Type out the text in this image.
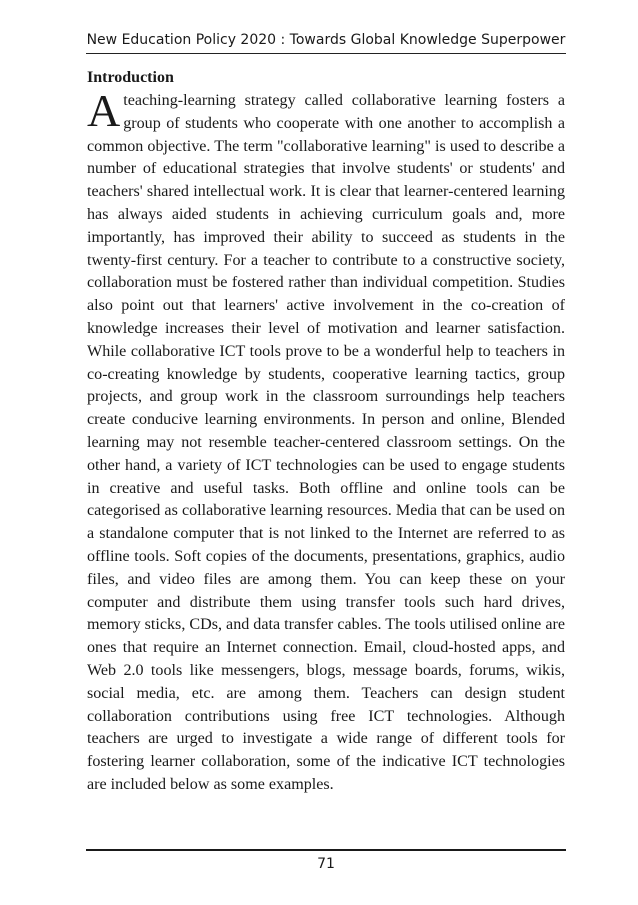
New Education Policy 2020 : Towards Global Knowledge Superpower
Introduction

Ateaching-learning strategy called collaborative learning fosters a group of students who cooperate with one another to accomplish a common objective. The term "collaborative learning" is used to describe a number of educational strategies that involve students' or students' and teachers' shared intellectual work. It is clear that learner-centered learning has always aided students in achieving curriculum goals and, more importantly, has improved their ability to succeed as students in the twenty-first century. For a teacher to contribute to a constructive society, collaboration must be fostered rather than individual competition. Studies also point out that learners' active involvement in the co-creation of knowledge increases their level of motivation and learner satisfaction. While collaborative ICT tools prove to be a wonderful help to teachers in co-creating knowledge by students, cooperative learning tactics, group projects, and group work in the classroom surroundings help teachers create conducive learning environments. In person and online, Blended learning may not resemble teacher-centered classroom settings. On the other hand, a variety of ICT technologies can be used to engage students in creative and useful tasks. Both offline and online tools can be categorised as collaborative learning resources. Media that can be used on a standalone computer that is not linked to the Internet are referred to as offline tools. Soft copies of the documents, presentations, graphics, audio files, and video files are among them. You can keep these on your computer and distribute them using transfer tools such hard drives, memory sticks, CDs, and data transfer cables. The tools utilised online are ones that require an Internet connection. Email, cloud-hosted apps, and Web 2.0 tools like messengers, blogs, message boards, forums, wikis, social media, etc. are among them. Teachers can design student collaboration contributions using free ICT technologies. Although teachers are urged to investigate a wide range of different tools for fostering learner collaboration, some of the indicative ICT technologies are included below as some examples.

71
